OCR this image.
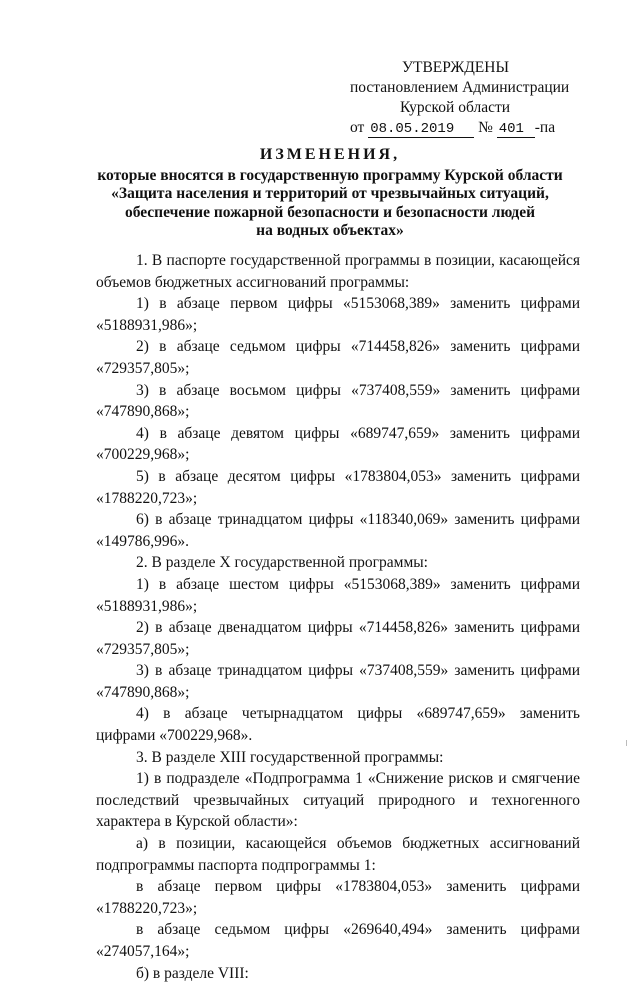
УТВЕРЖДЕНЫ
постановлением Администрации
Курской области
от 08.05.2019 № 401 -па
ИЗМЕНЕНИЯ,
которые вносятся в государственную программу Курской области
«Защита населения и территорий от чрезвычайных ситуаций,
обеспечение пожарной безопасности и безопасности людей
на водных объектах»

1. В паспорте государственной программы в позиции, касающейся объемов бюджетных ассигнований программы:

1) в абзаце первом цифры «5153068,389» заменить цифрами «5188931,986»;

2) в абзаце седьмом цифры «714458,826» заменить цифрами «729357,805»;

3) в абзаце восьмом цифры «737408,559» заменить цифрами «747890,868»;

4) в абзаце девятом цифры «689747,659» заменить цифрами «700229,968»;

5) в абзаце десятом цифры «1783804,053» заменить цифрами «1788220,723»;

6) в абзаце тринадцатом цифры «118340,069» заменить цифрами «149786,996».

2. В разделе X государственной программы:

1) в абзаце шестом цифры «5153068,389» заменить цифрами «5188931,986»;

2) в абзаце двенадцатом цифры «714458,826» заменить цифрами «729357,805»;

3) в абзаце тринадцатом цифры «737408,559» заменить цифрами «747890,868»;

4) в абзаце четырнадцатом цифры «689747,659» заменить цифрами «700229,968».

3. В разделе XIII государственной программы:

1) в подразделе «Подпрограмма 1 «Снижение рисков и смягчение последствий чрезвычайных ситуаций природного и техногенного характера в Курской области»:

а) в позиции, касающейся объемов бюджетных ассигнований подпрограммы паспорта подпрограммы 1:

в абзаце первом цифры «1783804,053» заменить цифрами
«1788220,723»;
в абзаце седьмом цифры «269640,494» заменить цифрами
«274057,164»;

б) в разделе VIII:
